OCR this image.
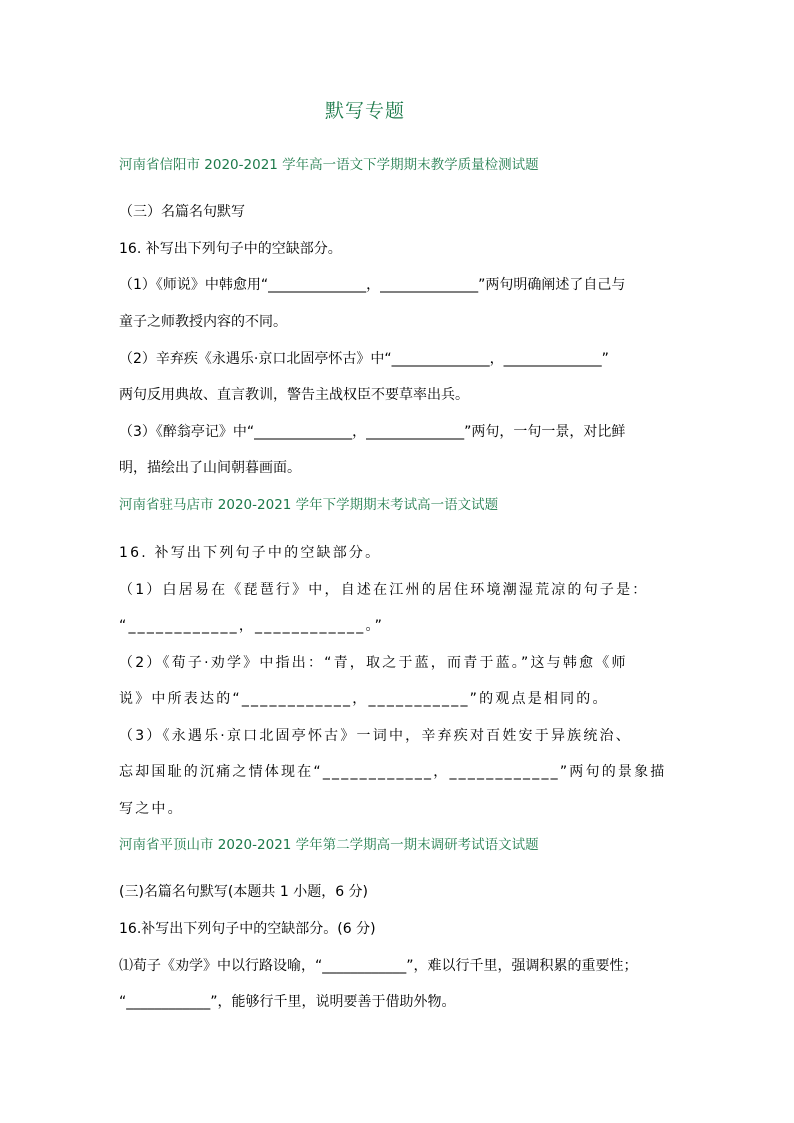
默写专题
河南省信阳市 2020-2021 学年高一语文下学期期末教学质量检测试题
（三）名篇名句默写
16. 补写出下列句子中的空缺部分。
（1）《师说》中韩愈用“______________，______________”两句明确阐述了自己与
童子之师教授内容的不同。
（2）辛弃疾《永遇乐·京口北固亭怀古》中“______________，______________”
两句反用典故、直言教训，警告主战权臣不要草率出兵。
（3）《醉翁亭记》中“______________，______________”两句，一句一景，对比鲜
明，描绘出了山间朝暮画面。
河南省驻马店市 2020-2021 学年下学期期末考试高一语文试题
16. 补写出下列句子中的空缺部分。
（1）白居易在《琵琶行》中，自述在江州的居住环境潮湿荒凉的句子是：
“____________，____________。”
（2）《荀子·劝学》中指出：“青，取之于蓝，而青于蓝。”这与韩愈《师
说》中所表达的“____________，___________”的观点是相同的。
（3）《永遇乐·京口北固亭怀古》一词中，辛弃疾对百姓安于异族统治、
忘却国耻的沉痛之情体现在“____________，____________”两句的景象描
写之中。
河南省平顶山市 2020-2021 学年第二学期高一期末调研考试语文试题
(三)名篇名句默写(本题共 1 小题，6 分)
16.补写出下列句子中的空缺部分。(6 分)
⑴荀子《劝学》中以行路设喻，“____________”，难以行千里，强调积累的重要性；
“____________”，能够行千里，说明要善于借助外物。
